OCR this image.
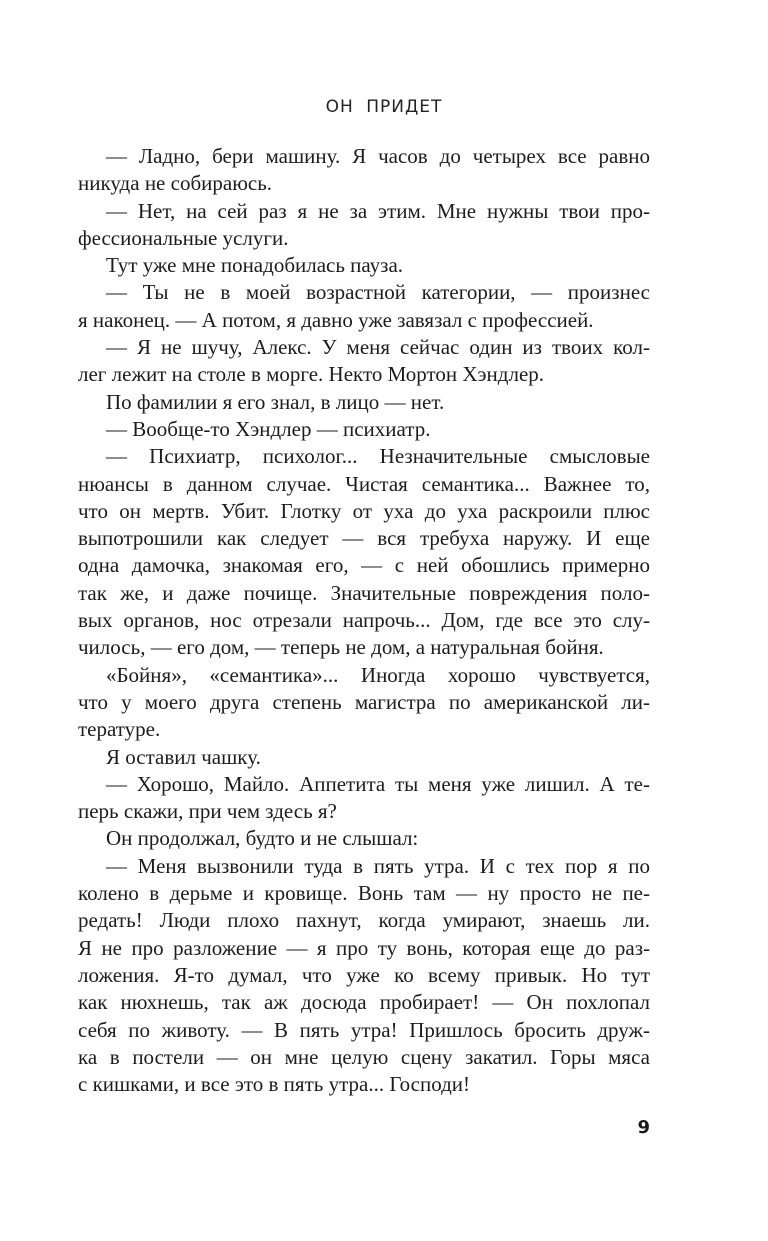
ОН ПРИДЕТ
— Ладно, бери машину. Я часов до четырех все равно
никуда не собираюсь.
— Нет, на сей раз я не за этим. Мне нужны твои про-
фессиональные услуги.
Тут уже мне понадобилась пауза.
— Ты не в моей возрастной категории, — произнес
я наконец. — А потом, я давно уже завязал с профессией.
— Я не шучу, Алекс. У меня сейчас один из твоих кол-
лег лежит на столе в морге. Некто Мортон Хэндлер.
По фамилии я его знал, в лицо — нет.
— Вообще-то Хэндлер — психиатр.
— Психиатр, психолог... Незначительные смысловые
нюансы в данном случае. Чистая семантика... Важнее то,
что он мертв. Убит. Глотку от уха до уха раскроили плюс
выпотрошили как следует — вся требуха наружу. И еще
одна дамочка, знакомая его, — с ней обошлись примерно
так же, и даже почище. Значительные повреждения поло-
вых органов, нос отрезали напрочь... Дом, где все это слу-
чилось, — его дом, — теперь не дом, а натуральная бойня.
«Бойня», «семантика»... Иногда хорошо чувствуется,
что у моего друга степень магистра по американской ли-
тературе.
Я оставил чашку.
— Хорошо, Майло. Аппетита ты меня уже лишил. А те-
перь скажи, при чем здесь я?
Он продолжал, будто и не слышал:
— Меня вызвонили туда в пять утра. И с тех пор я по
колено в дерьме и кровище. Вонь там — ну просто не пе-
редать! Люди плохо пахнут, когда умирают, знаешь ли.
Я не про разложение — я про ту вонь, которая еще до раз-
ложения. Я-то думал, что уже ко всему привык. Но тут
как нюхнешь, так аж досюда пробирает! — Он похлопал
себя по животу. — В пять утра! Пришлось бросить друж-
ка в постели — он мне целую сцену закатил. Горы мяса
с кишками, и все это в пять утра... Господи!
9
